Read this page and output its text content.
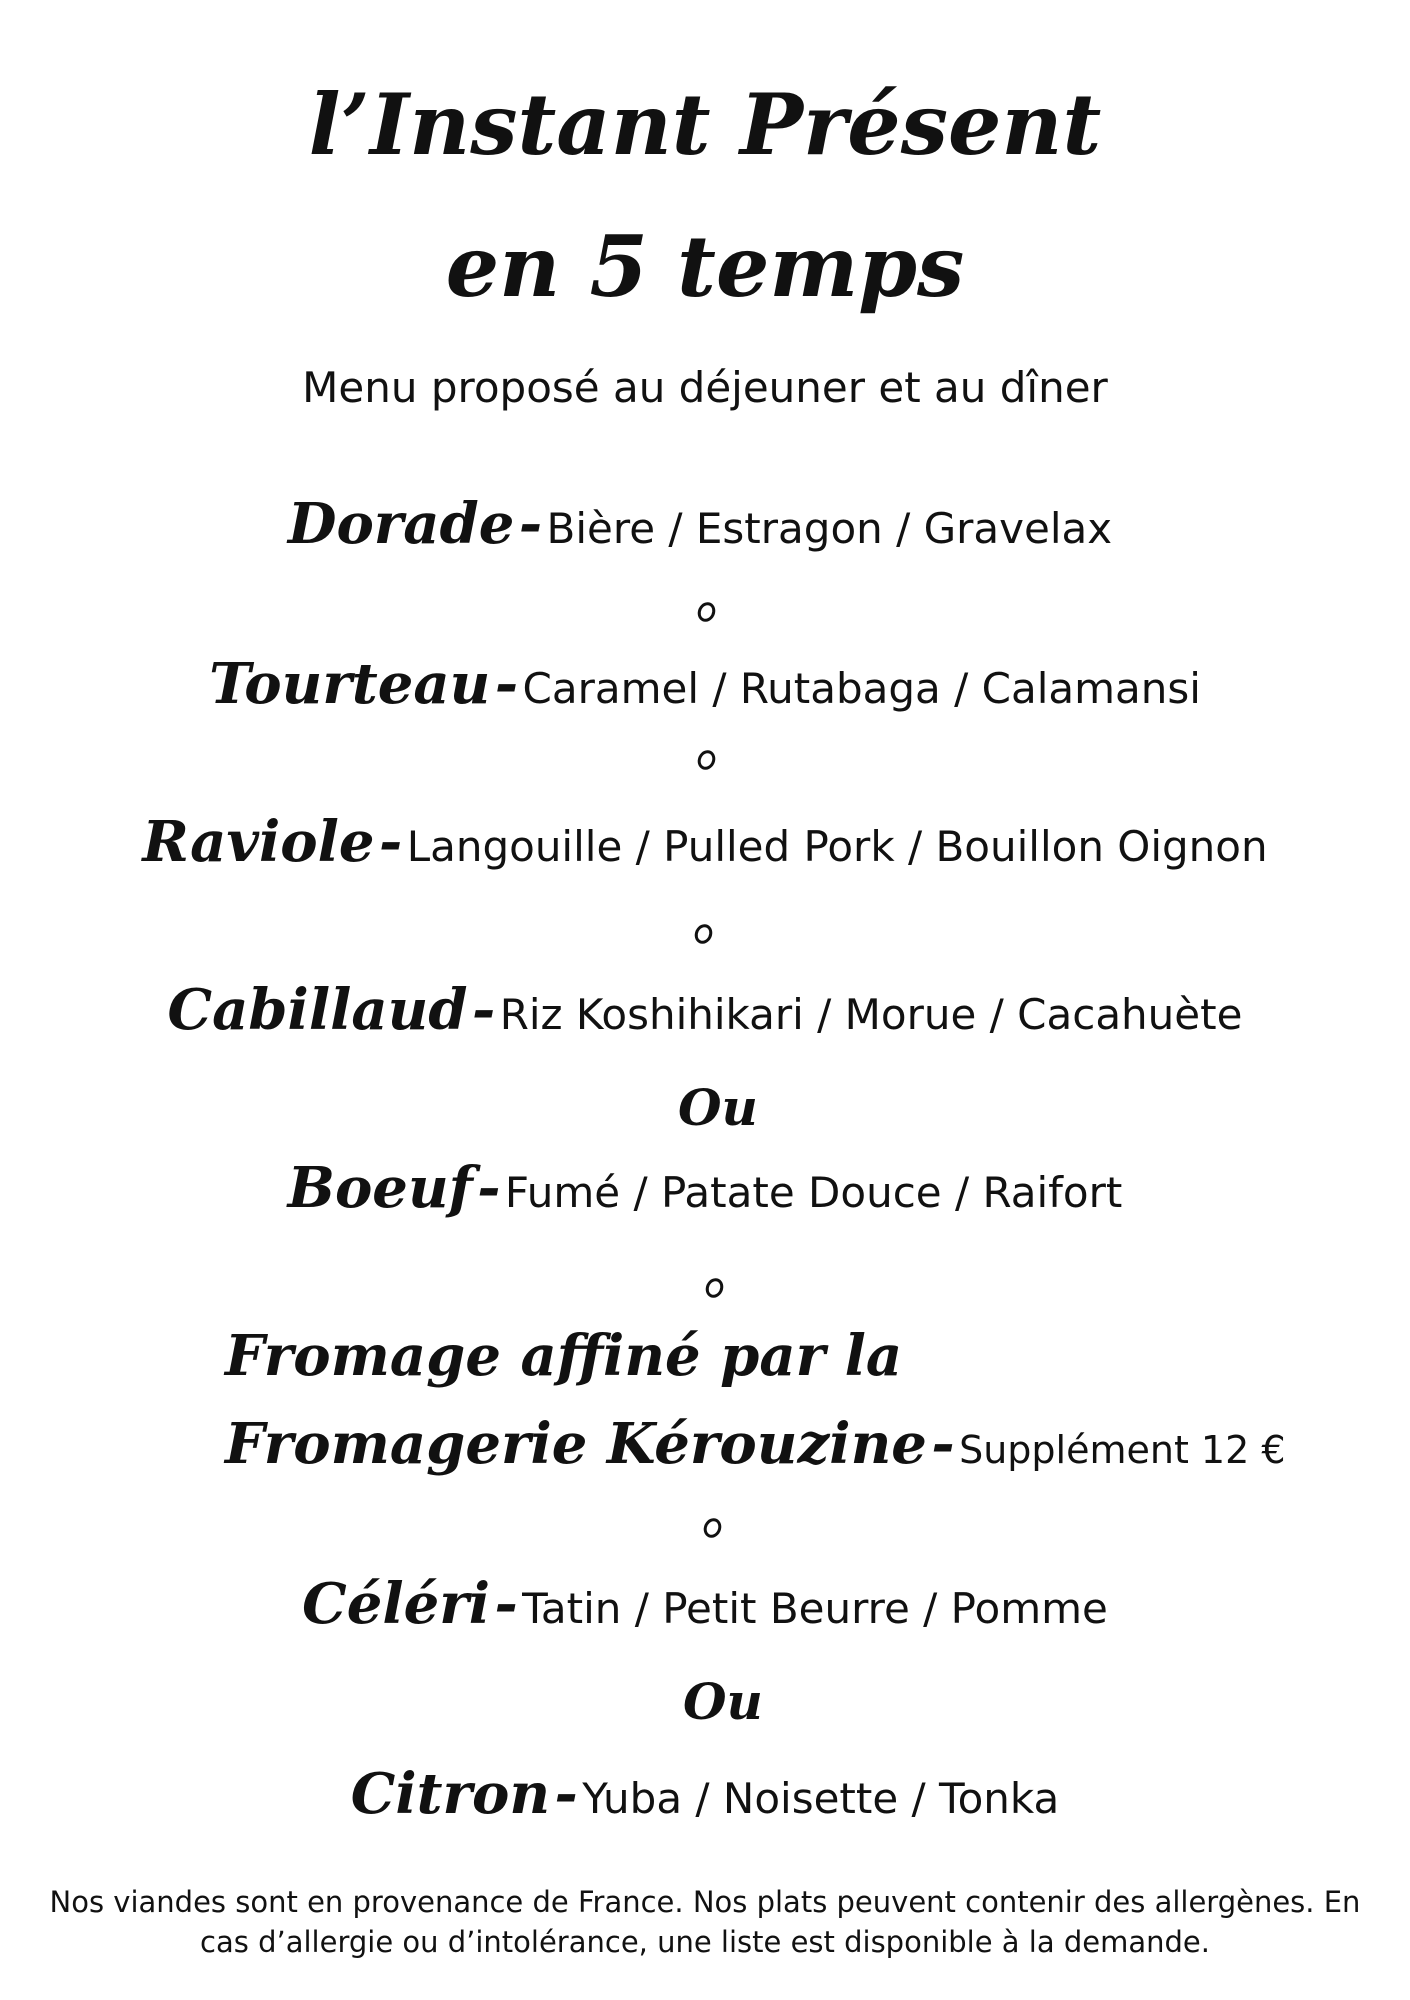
l’Instant Présent
en 5 temps
Menu proposé au déjeuner et au dîner
Dorade - Bière / Estragon / Gravelax
Tourteau - Caramel / Rutabaga / Calamansi
Raviole - Langouille / Pulled Pork / Bouillon Oignon
Cabillaud - Riz Koshihikari / Morue / Cacahuète
Ou
Boeuf - Fumé / Patate Douce / Raifort
Fromage affiné par la
Fromagerie Kérouzine - Supplément 12 €
Céléri - Tatin / Petit Beurre / Pomme
Ou
Citron - Yuba / Noisette / Tonka
Nos viandes sont en provenance de France. Nos plats peuvent contenir des allergènes. En cas d’allergie ou d’intolérance, une liste est disponible à la demande.
